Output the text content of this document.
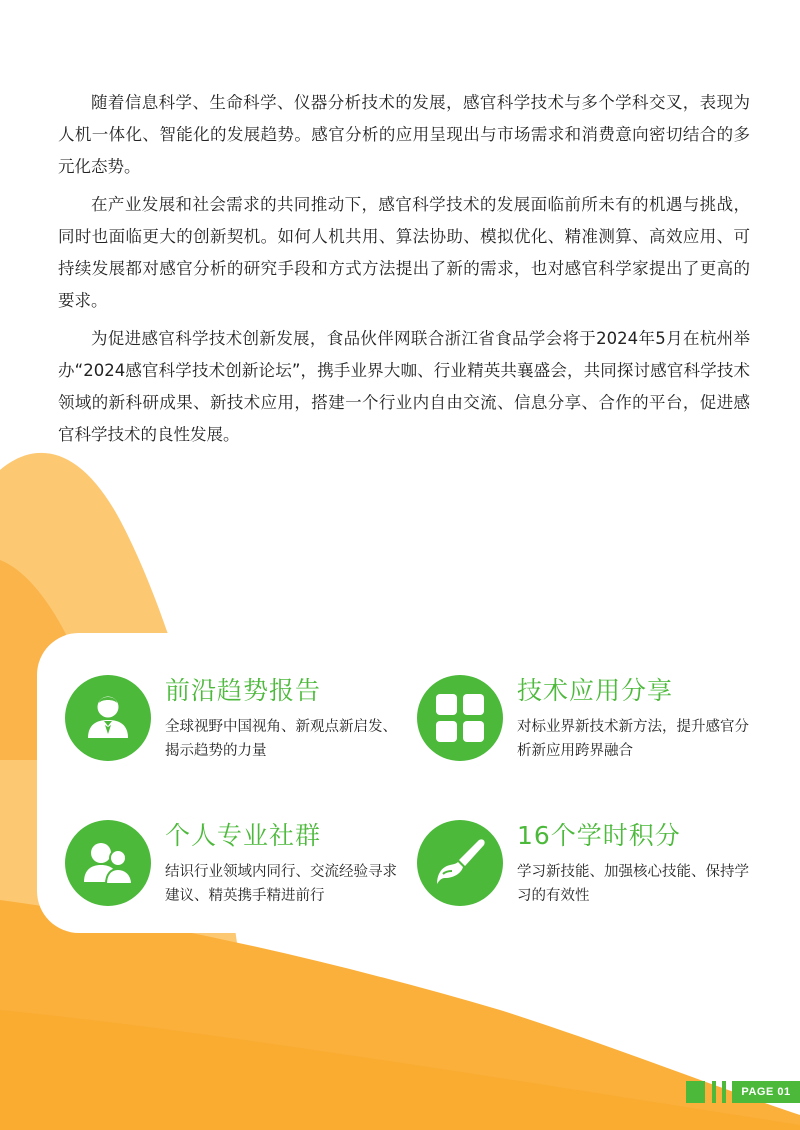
随着信息科学、生命科学、仪器分析技术的发展，感官科学技术与多个学科交叉，表现为人机一体化、智能化的发展趋势。感官分析的应用呈现出与市场需求和消费意向密切结合的多元化态势。

在产业发展和社会需求的共同推动下，感官科学技术的发展面临前所未有的机遇与挑战，同时也面临更大的创新契机。如何人机共用、算法协助、模拟优化、精准测算、高效应用、可持续发展都对感官分析的研究手段和方式方法提出了新的需求，也对感官科学家提出了更高的要求。

为促进感官科学技术创新发展，食品伙伴网联合浙江省食品学会将于2024年5月在杭州举办“2024感官科学技术创新论坛”，携手业界大咖、行业精英共襄盛会，共同探讨感官科学技术领域的新科研成果、新技术应用，搭建一个行业内自由交流、信息分享、合作的平台，促进感官科学技术的良性发展。

前沿趋势报告
全球视野中国视角、新观点新启发、揭示趋势的力量
技术应用分享
对标业界新技术新方法，提升感官分析新应用跨界融合
个人专业社群
结识行业领域内同行、交流经验寻求建议、精英携手精进前行
16个学时积分
学习新技能、加强核心技能、保持学习的有效性
PAGE 01
